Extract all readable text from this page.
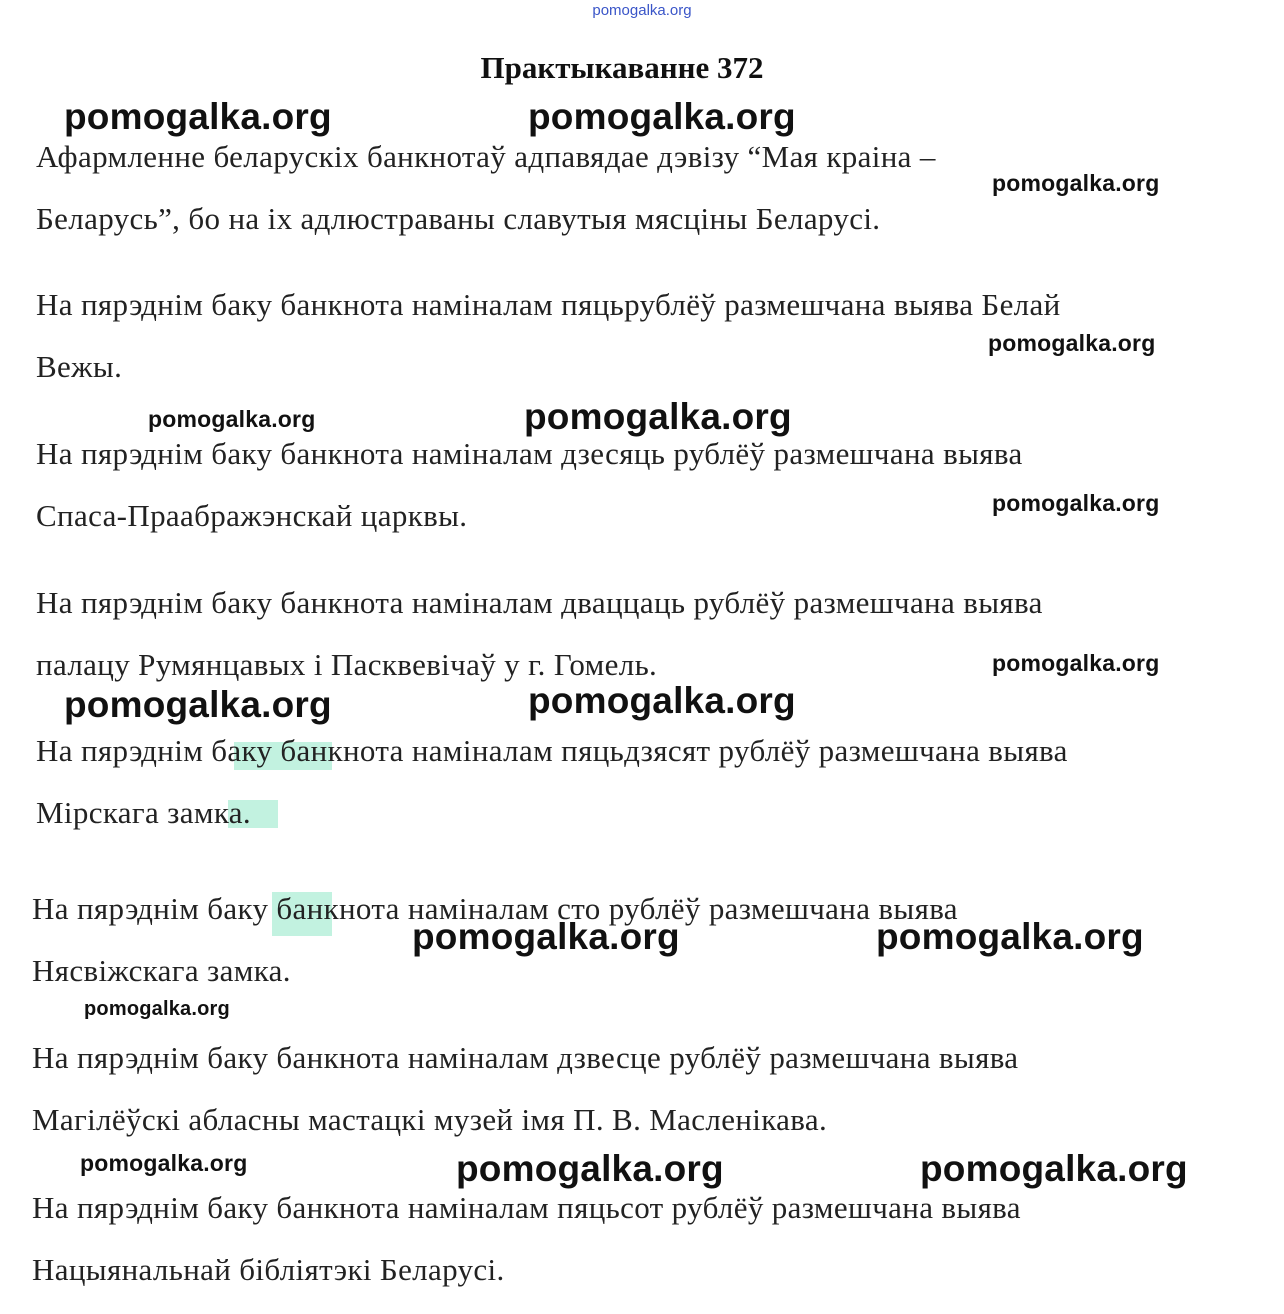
pomogalka.org
Практыкаванне 372
Афармленне беларускіх банкнотаў адпавядае дэвізу “Мая краіна –
Беларусь”, бо на іх адлюстраваны славутыя мясціны Беларусі.
На пярэднім баку банкнота наміналам пяцьрублёў размешчана выява Белай
Вежы.
На пярэднім баку банкнота наміналам дзесяць рублёў размешчана выява
Спаса-Праабражэнскай царквы.
На пярэднім баку банкнота наміналам дваццаць рублёў размешчана выява
палацу Румянцавых і Пасквевічаў у г. Гомель.
На пярэднім баку банкнота наміналам пяцьдзясят рублёў размешчана выява
Мірскага замка.
На пярэднім баку банкнота наміналам сто рублёў размешчана выява
Нясвіжскага замка.
На пярэднім баку банкнота наміналам дзвесце рублёў размешчана выява
Магілёўскі абласны мастацкі музей імя П. В. Масленікава.
На пярэднім баку банкнота наміналам пяцьсот рублёў размешчана выява
Нацыянальнай бібліятэкі Беларусі.
pomogalka.org	pomogalka.org
pomogalka.org
pomogalka.org
pomogalka.org	pomogalka.org
pomogalka.org
pomogalka.org
pomogalka.org	pomogalka.org
pomogalka.org	pomogalka.org
pomogalka.org
pomogalka.org	pomogalka.org	pomogalka.org
